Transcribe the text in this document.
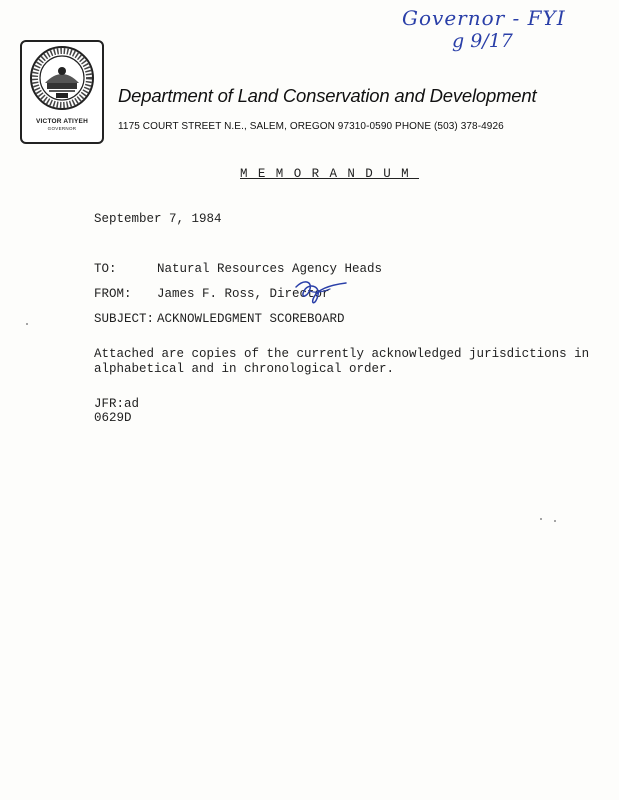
Governor - FYI
g 9/17
VICTOR ATIYEH
GOVERNOR
Department of Land Conservation and Development
1175 COURT STREET N.E., SALEM, OREGON 97310-0590 PHONE (503) 378-4926
MEMORANDUM
September 7, 1984
TO:	Natural Resources Agency Heads
FROM: James F. Ross, Director
SUBJECT: ACKNOWLEDGMENT SCOREBOARD
Attached are copies of the currently acknowledged jurisdictions in
alphabetical and in chronological order.
JFR:ad
0629D
